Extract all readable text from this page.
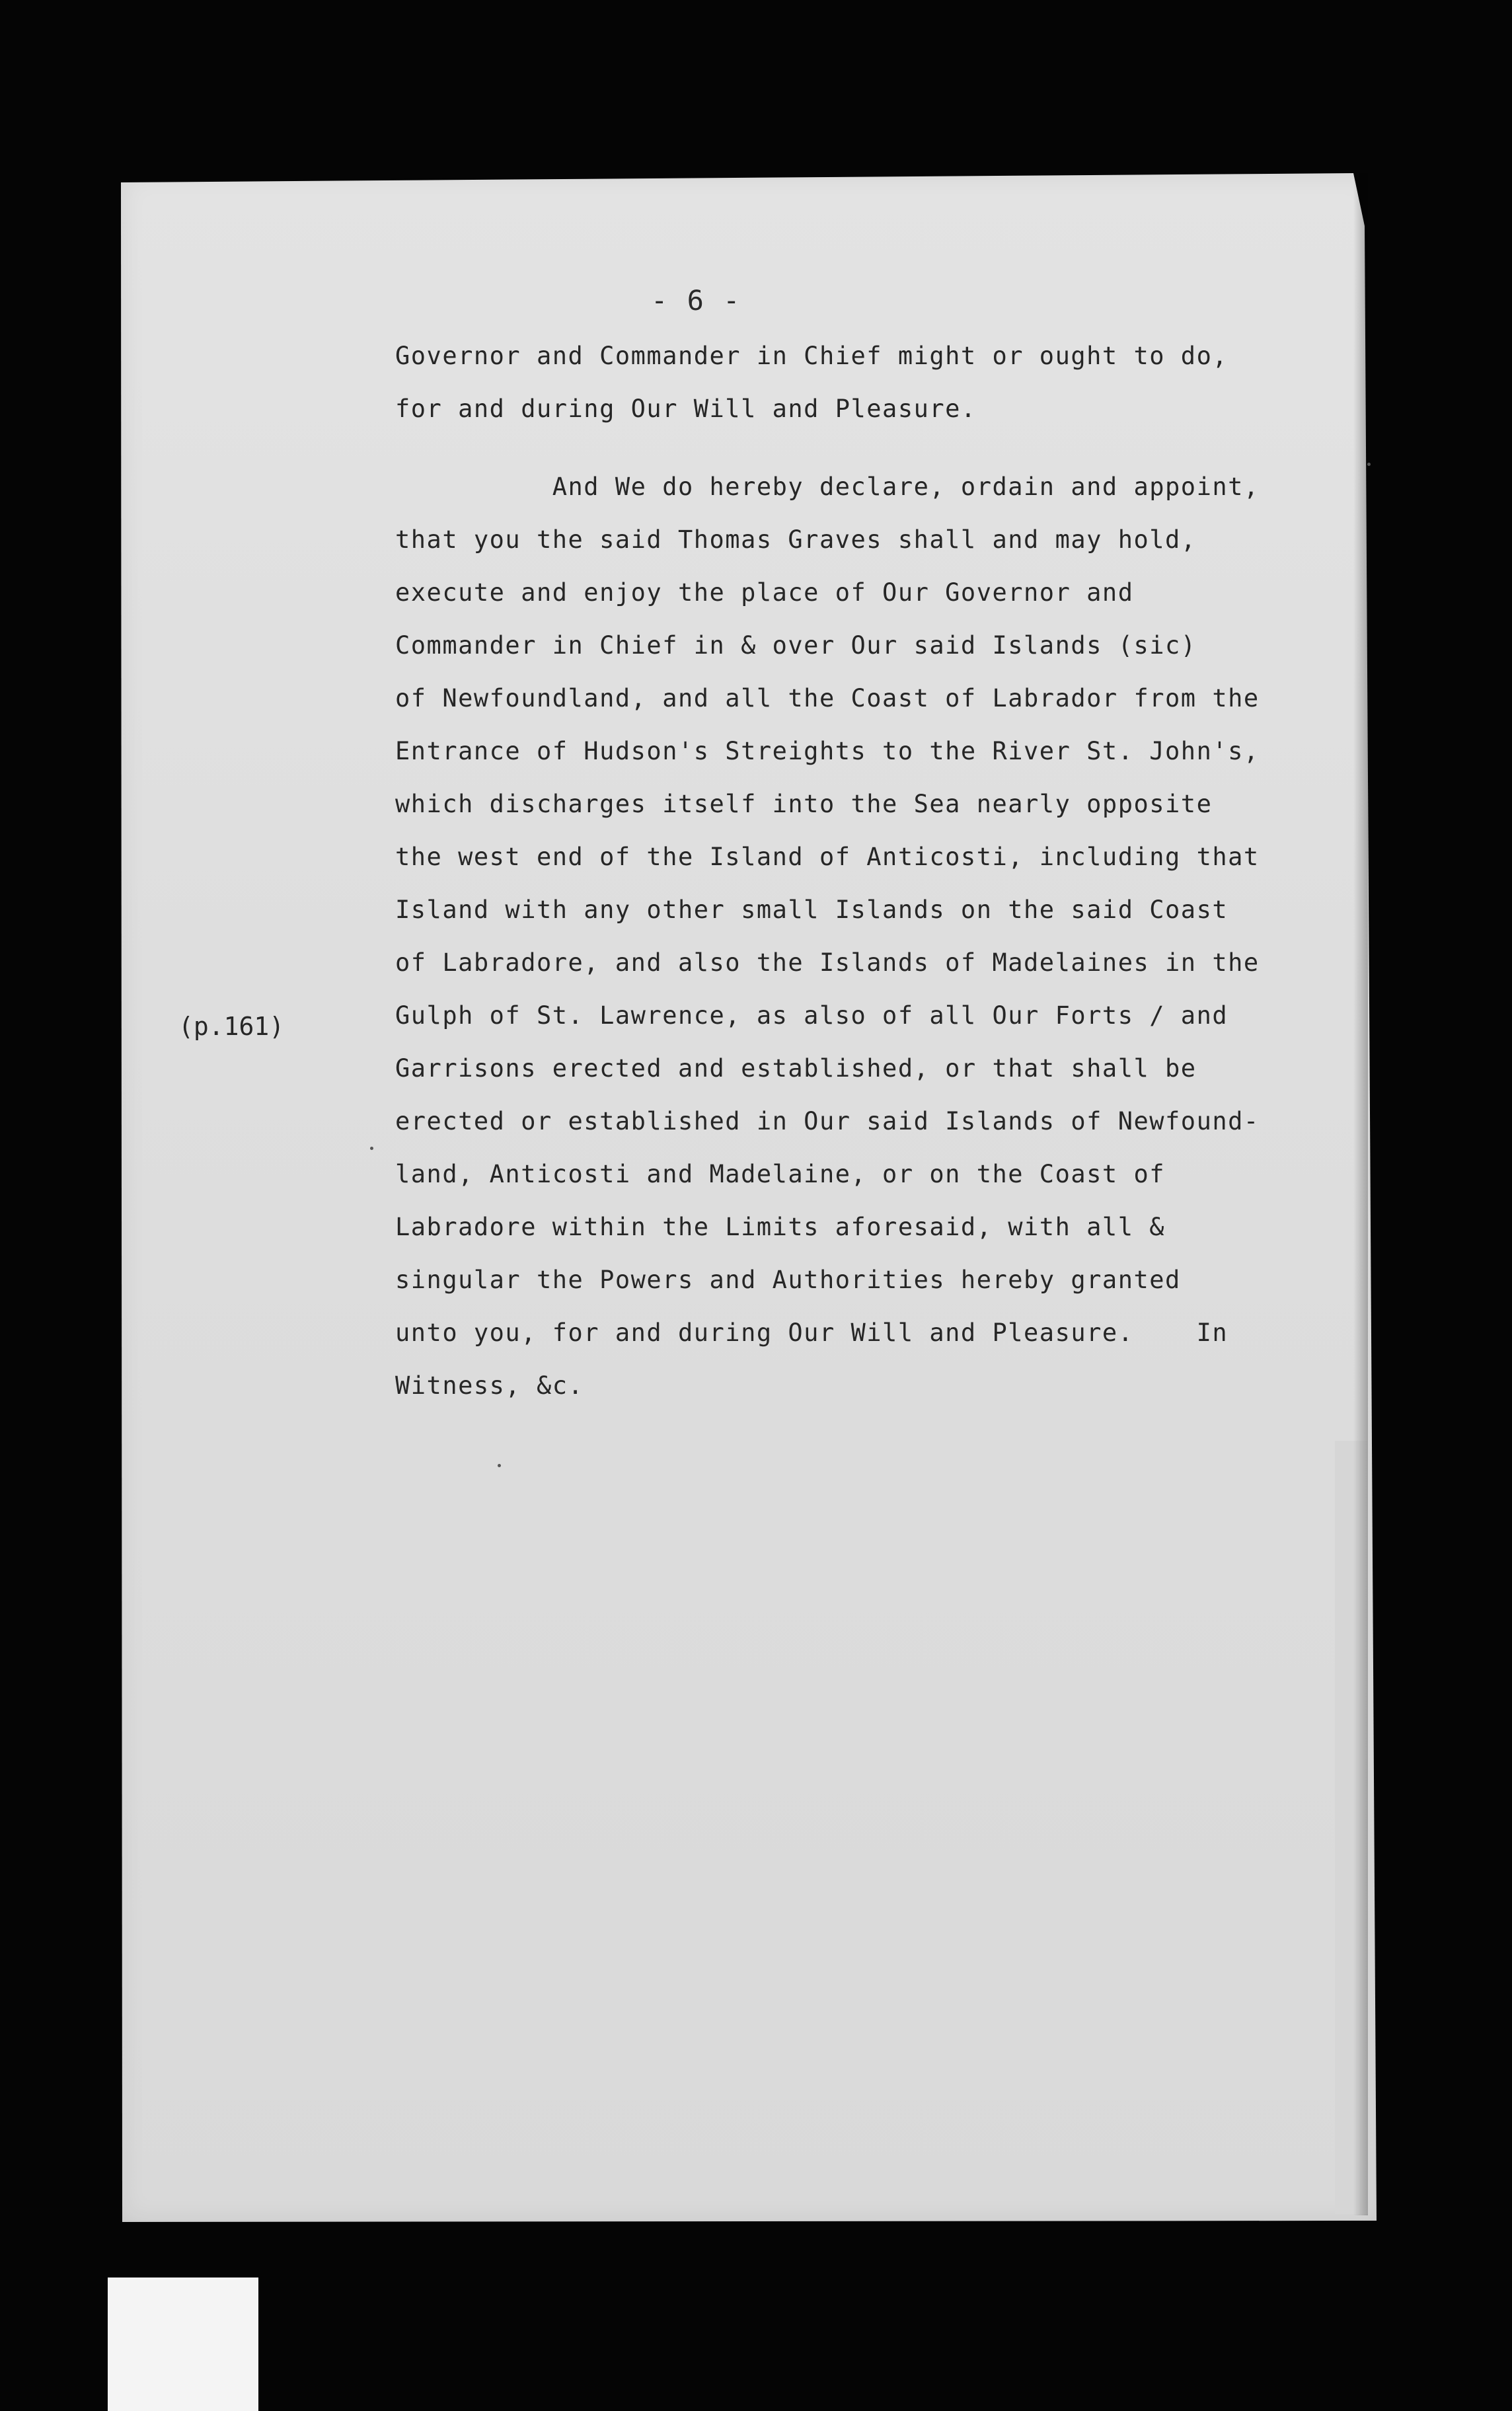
- 6 -
(p.161)
Governor and Commander in Chief might or ought to do,
for and during Our Will and Pleasure.
And We do hereby declare, ordain and appoint,
that you the said Thomas Graves shall and may hold,
execute and enjoy the place of Our Governor and
Commander in Chief in & over Our said Islands (sic)
of Newfoundland, and all the Coast of Labrador from the
Entrance of Hudson's Streights to the River St. John's,
which discharges itself into the Sea nearly opposite
the west end of the Island of Anticosti, including that
Island with any other small Islands on the said Coast
of Labradore, and also the Islands of Madelaines in the
Gulph of St. Lawrence, as also of all Our Forts / and
Garrisons erected and established, or that shall be
erected or established in Our said Islands of Newfound-
land, Anticosti and Madelaine, or on the Coast of
Labradore within the Limits aforesaid, with all &
singular the Powers and Authorities hereby granted
unto you, for and during Our Will and Pleasure.    In
Witness, &c.
